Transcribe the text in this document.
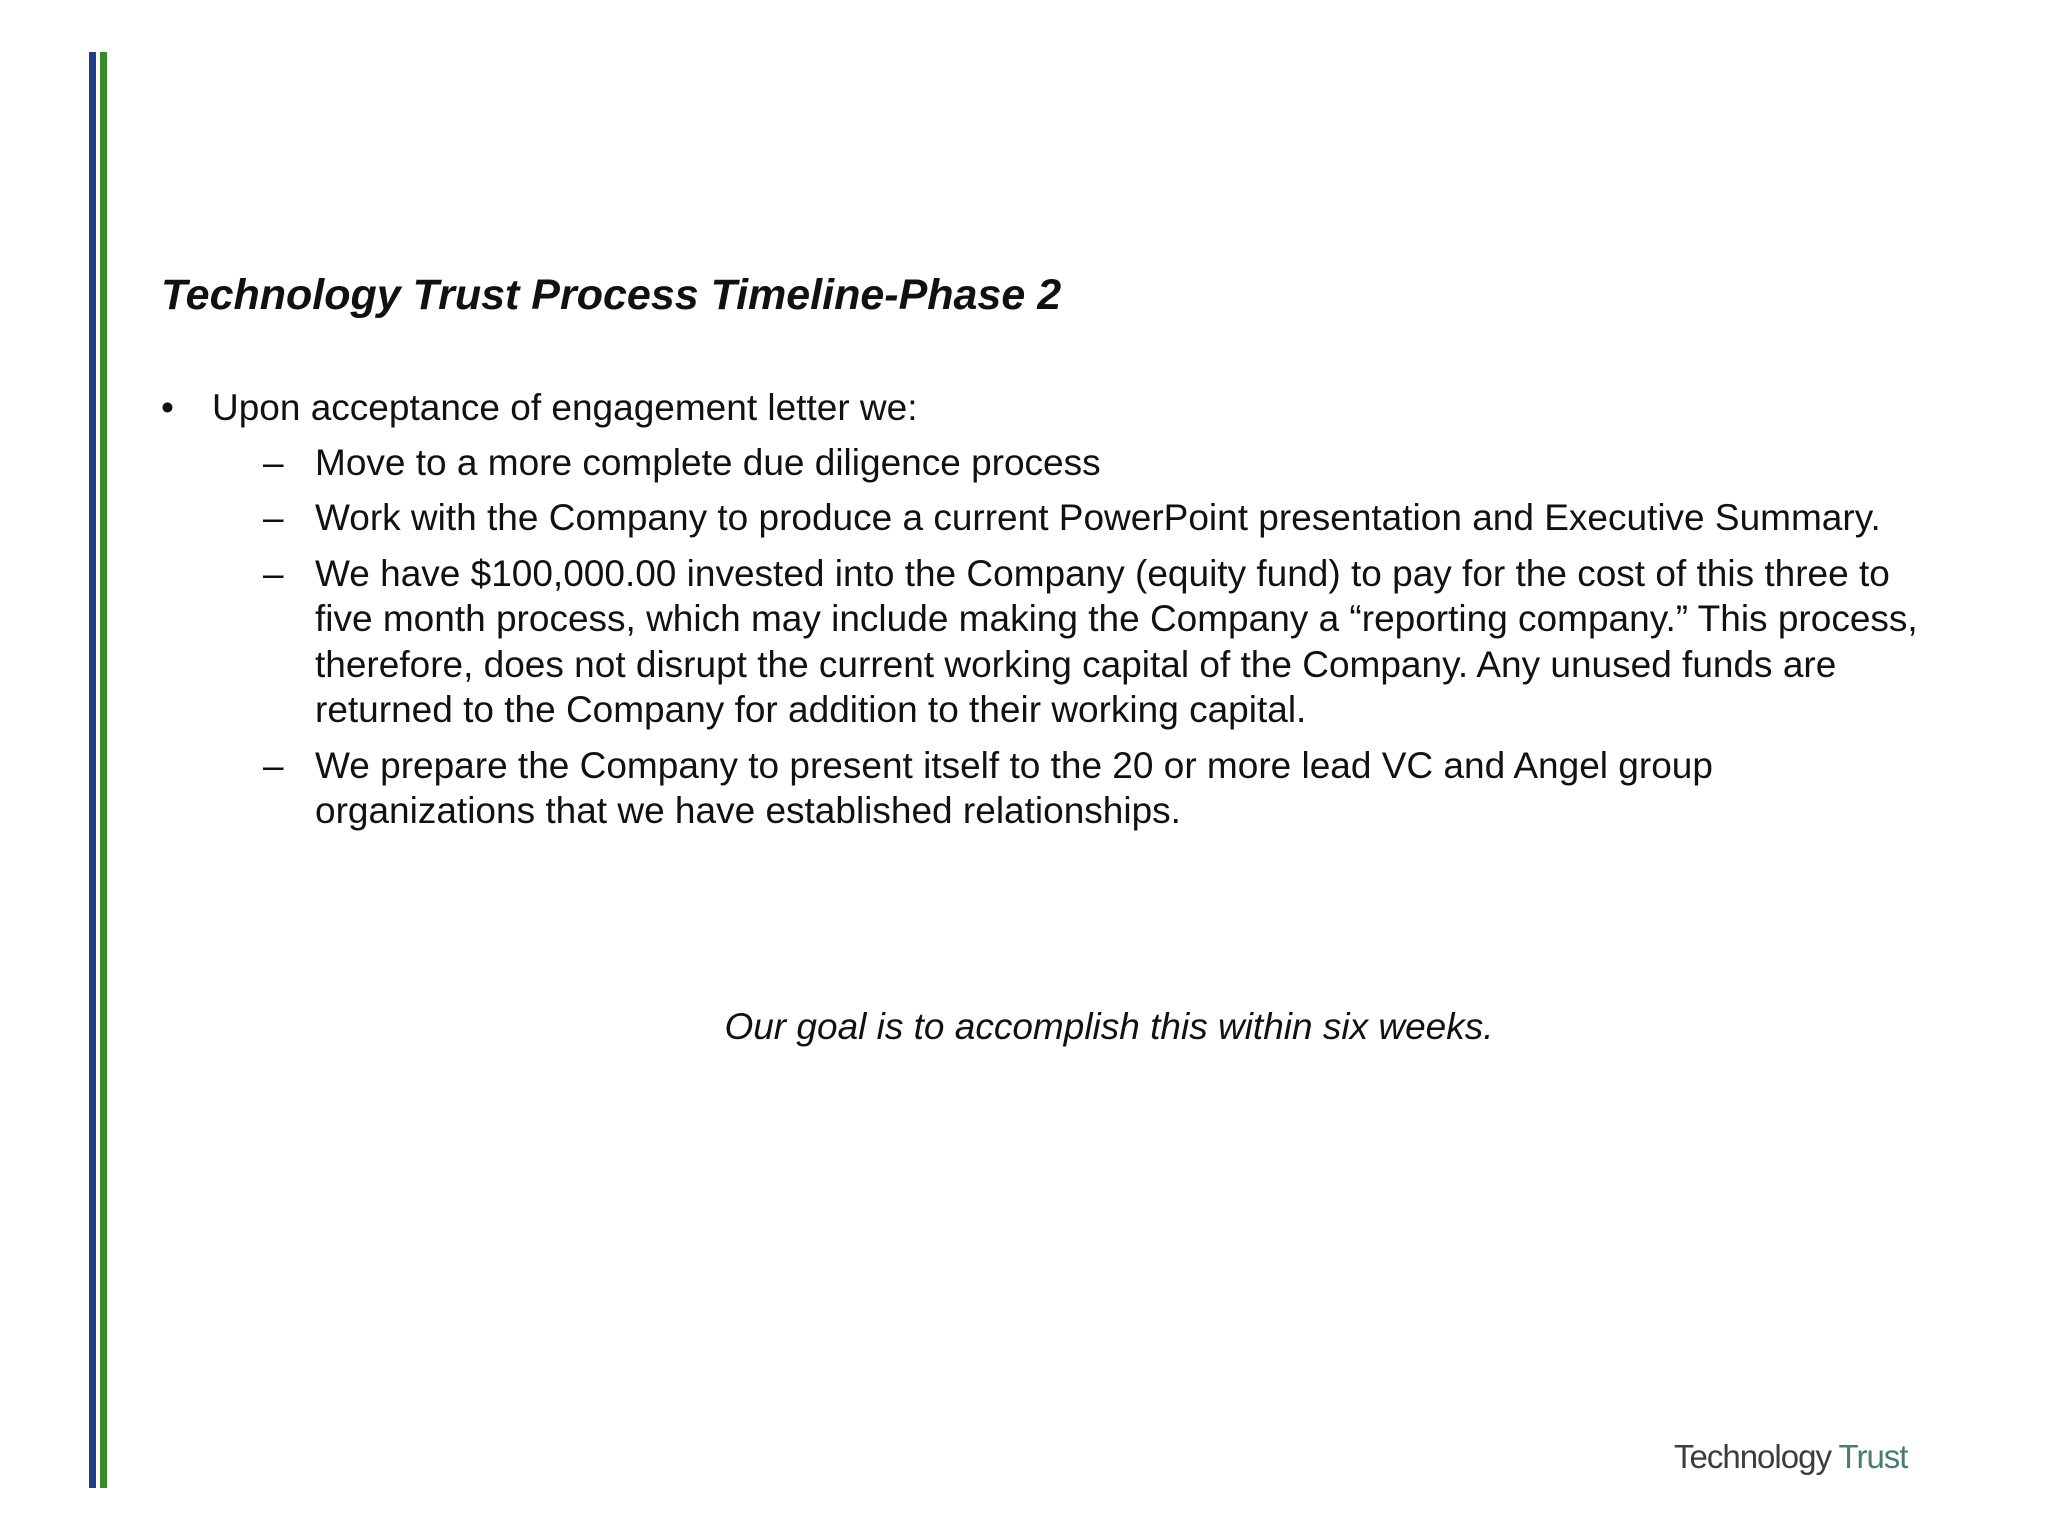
Technology Trust Process Timeline-Phase 2
• Upon acceptance of engagement letter we:
– Move to a more complete due diligence process
– Work with the Company to produce a current PowerPoint presentation and Executive Summary.
– We have $100,000.00 invested into the Company (equity fund) to pay for the cost of this three to five month process, which may include making the Company a “reporting company.” This process, therefore, does not disrupt the current working capital of the Company. Any unused funds are returned to the Company for addition to their working capital.
– We prepare the Company to present itself to the 20 or more lead VC and Angel group organizations that we have established relationships.
Our goal is to accomplish this within six weeks.
Technology Trust
